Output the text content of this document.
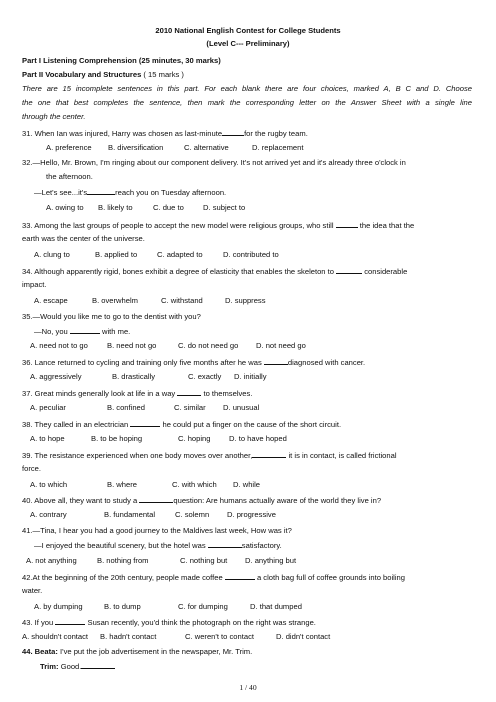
2010 National English Contest for College Students
(Level C--- Preliminary)
Part I Listening Comprehension (25 minutes, 30 marks)
Part II Vocabulary and Structures ( 15 marks )
There are 15 incomplete sentences in this part. For each blank there are four choices, marked A, B C and D. Choose
the one that best completes the sentence, then mark the corresponding letter on the Answer Sheet with a single line
through the center.
31. When Ian was injured, Harry was chosen as last-minute	for the rugby team.
A. preference B. diversification	C. alternative	D. replacement
32.—Hello, Mr. Brown, I'm ringing about our component delivery. It's not arrived yet and it's already three o'clock in
the afternoon.
—Let's see...it's	reach you on Tuesday afternoon.
A. owing to B. likely to	C. due to	D. subject to
33. Among the last groups of people to accept the new model were religious groups, who still	the idea that the
earth was the center of the universe.
A. clung to	B. applied to	C. adapted to	D. contributed to
34. Although apparently rigid, bones exhibit a degree of elasticity that enables the skeleton to	considerable
impact.
A. escape	B. overwhelm	C. withstand	D. suppress
35.—Would you like me to go to the dentist with you?
—No, you	with me.
A. need not to go	B. need not go	C. do not need go D. not need go
36. Lance returned to cycling and training only five months after he was	diagnosed with cancer.
A. aggressively	B. drastically	C. exactly D. initially
37. Great minds generally look at life in a way	to themselves.
A. peculiar	B. confined	C. similar D. unusual
38. They called in an electrician	he could put a finger on the cause of the short circuit.
A. to hope	B. to be hoping	C. hoping D. to have hoped
39. The resistance experienced when one body moves over another,	it is in contact, is called frictional
force.
A. to which	B. where	C. with which D. while
40. Above all, they want to study a	question: Are humans actually aware of the world they live in?
A. contrary	B. fundamental	C. solemn D. progressive
41.—Tina, I hear you had a good journey to the Maldives last week, How was it?
—I enjoyed the beautiful scenery, but the hotel was	satisfactory.
A. not anything	B. nothing from	C. nothing but D. anything but
42.At the beginning of the 20th century, people made coffee	a cloth bag full of coffee grounds into boiling
water.
A. by dumping	B. to dump	C. for dumping	D. that dumped
43. If you	Susan recently, you'd think the photograph on the right was strange.
A. shouldn't contact B. hadn't contact	C. weren't to contact	D. didn't contact
44. Beata: I've put the job advertisement in the newspaper, Mr. Trim.
Trim: Good.
1 / 40
